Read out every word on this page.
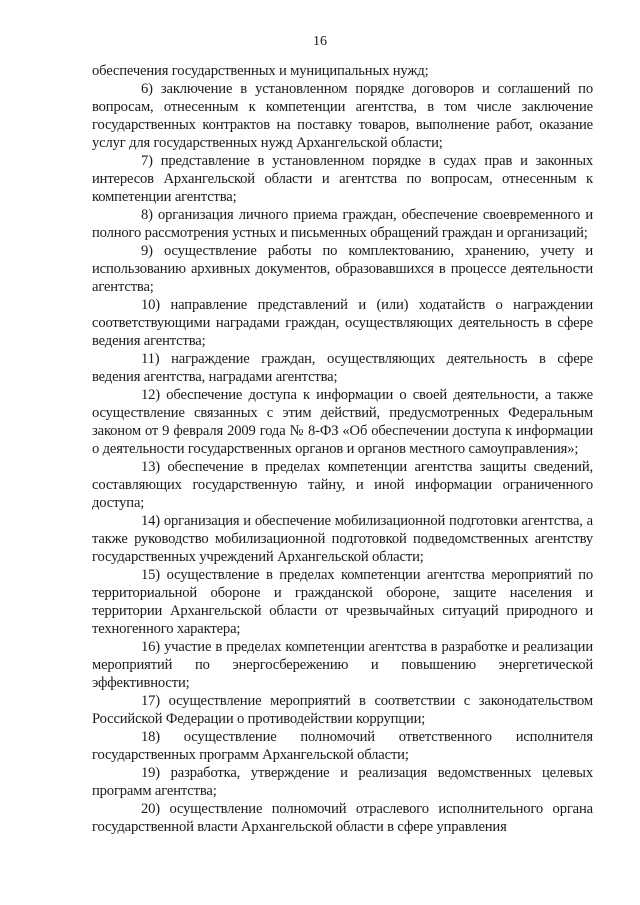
16

обеспечения государственных и муниципальных нужд;

6) заключение в установленном порядке договоров и соглашений по вопросам, отнесенным к компетенции агентства, в том числе заключение государственных контрактов на поставку товаров, выполнение работ, оказание услуг для государственных нужд Архангельской области;

7) представление в установленном порядке в судах прав и законных интересов Архангельской области и агентства по вопросам, отнесенным к компетенции агентства;

8) организация личного приема граждан, обеспечение своевременного и полного рассмотрения устных и письменных обращений граждан и организаций;

9) осуществление работы по комплектованию, хранению, учету и использованию архивных документов, образовавшихся в процессе деятельности агентства;

10) направление представлений и (или) ходатайств о награждении соответствующими наградами граждан, осуществляющих деятельность в сфере ведения агентства;

11) награждение граждан, осуществляющих деятельность в сфере ведения агентства, наградами агентства;

12) обеспечение доступа к информации о своей деятельности, а также осуществление связанных с этим действий, предусмотренных Федеральным законом от 9 февраля 2009 года № 8-ФЗ «Об обеспечении доступа к информации о деятельности государственных органов и органов местного самоуправления»;

13) обеспечение в пределах компетенции агентства защиты сведений, составляющих государственную тайну, и иной информации ограниченного доступа;

14) организация и обеспечение мобилизационной подготовки агентства, а также руководство мобилизационной подготовкой подведомственных агентству государственных учреждений Архангельской области;

15) осуществление в пределах компетенции агентства мероприятий по территориальной обороне и гражданской обороне, защите населения и территории Архангельской области от чрезвычайных ситуаций природного и техногенного характера;

16) участие в пределах компетенции агентства в разработке и реализации мероприятий по энергосбережению и повышению энергетической эффективности;

17) осуществление мероприятий в соответствии с законодательством Российской Федерации о противодействии коррупции;

18) осуществление полномочий ответственного исполнителя государственных программ Архангельской области;

19) разработка, утверждение и реализация ведомственных целевых программ агентства;

20) осуществление полномочий отраслевого исполнительного органа государственной власти Архангельской области в сфере управления
